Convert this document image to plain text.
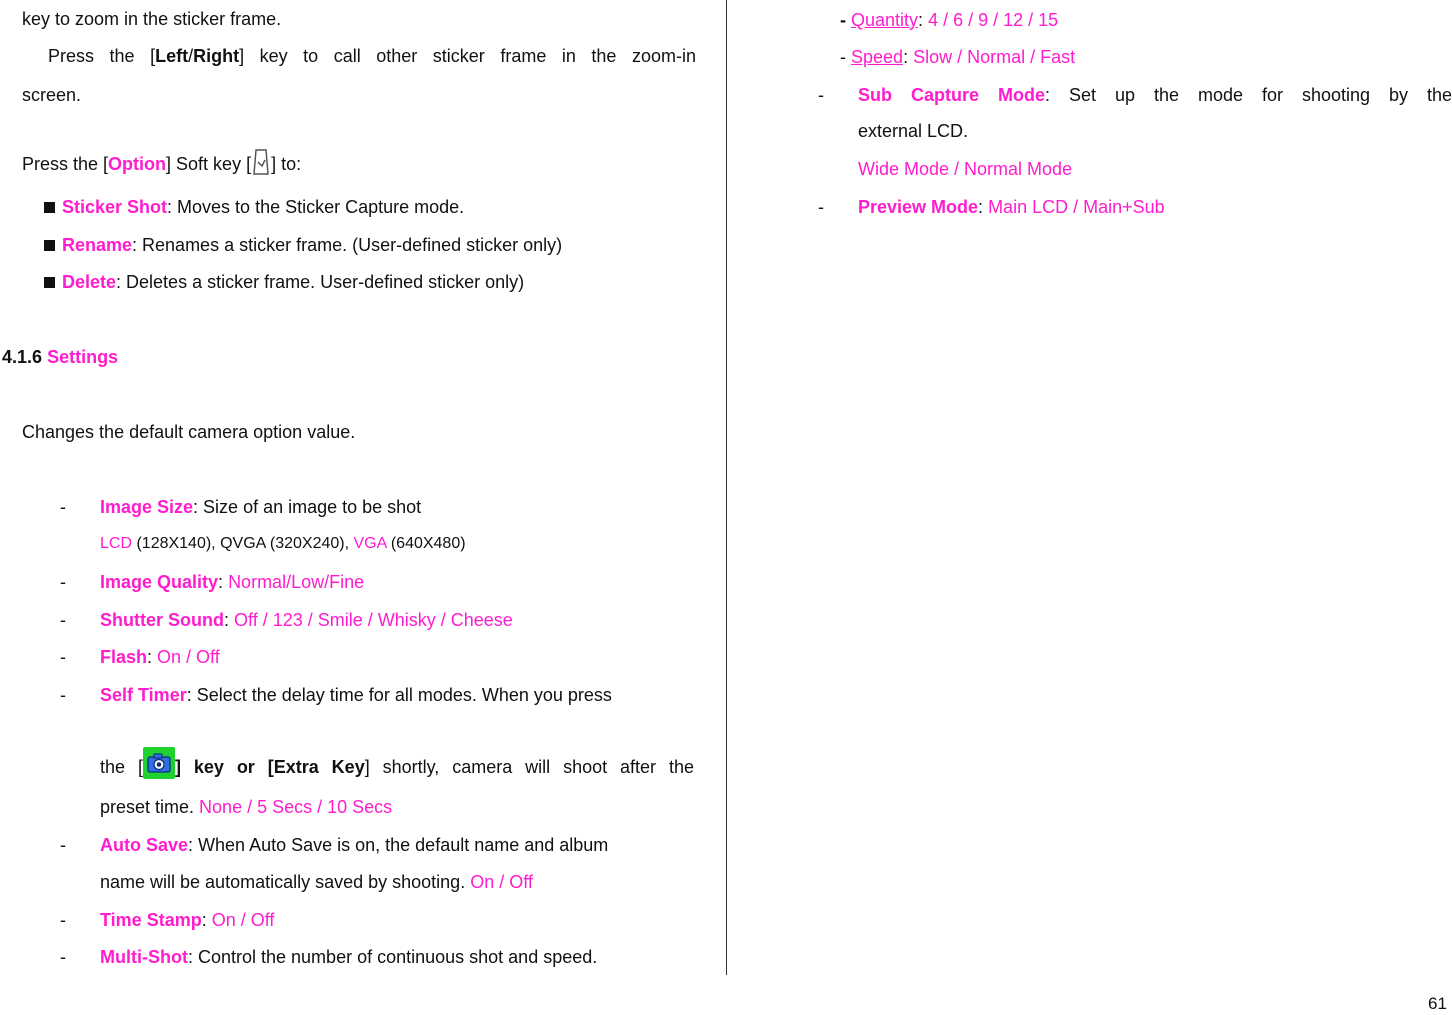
key to zoom in the sticker frame.
Press the [Left/Right] key to call other sticker frame in the zoom-in
screen.
Press the [Option] Soft key [ ] to:
Sticker Shot: Moves to the Sticker Capture mode.
Rename: Renames a sticker frame. (User-defined sticker only)
Delete: Deletes a sticker frame. User-defined sticker only)
4.1.6 Settings
Changes the default camera option value.
- Image Size: Size of an image to be shot
LCD (128X140), QVGA (320X240), VGA (640X480)
- Image Quality: Normal/Low/Fine
- Shutter Sound: Off / 123 / Smile / Whisky / Cheese
- Flash: On / Off
- Self Timer: Select the delay time for all modes. When you press
the [ ] key or [Extra Key] shortly, camera will shoot after the
preset time. None / 5 Secs / 10 Secs
- Auto Save: When Auto Save is on, the default name and album
name will be automatically saved by shooting. On / Off
- Time Stamp: On / Off
- Multi-Shot: Control the number of continuous shot and speed.
- Quantity: 4 / 6 / 9 / 12 / 15
- Speed: Slow / Normal / Fast
- Sub Capture Mode: Set up the mode for shooting by the
external LCD.
Wide Mode / Normal Mode
- Preview Mode: Main LCD / Main+Sub
61
